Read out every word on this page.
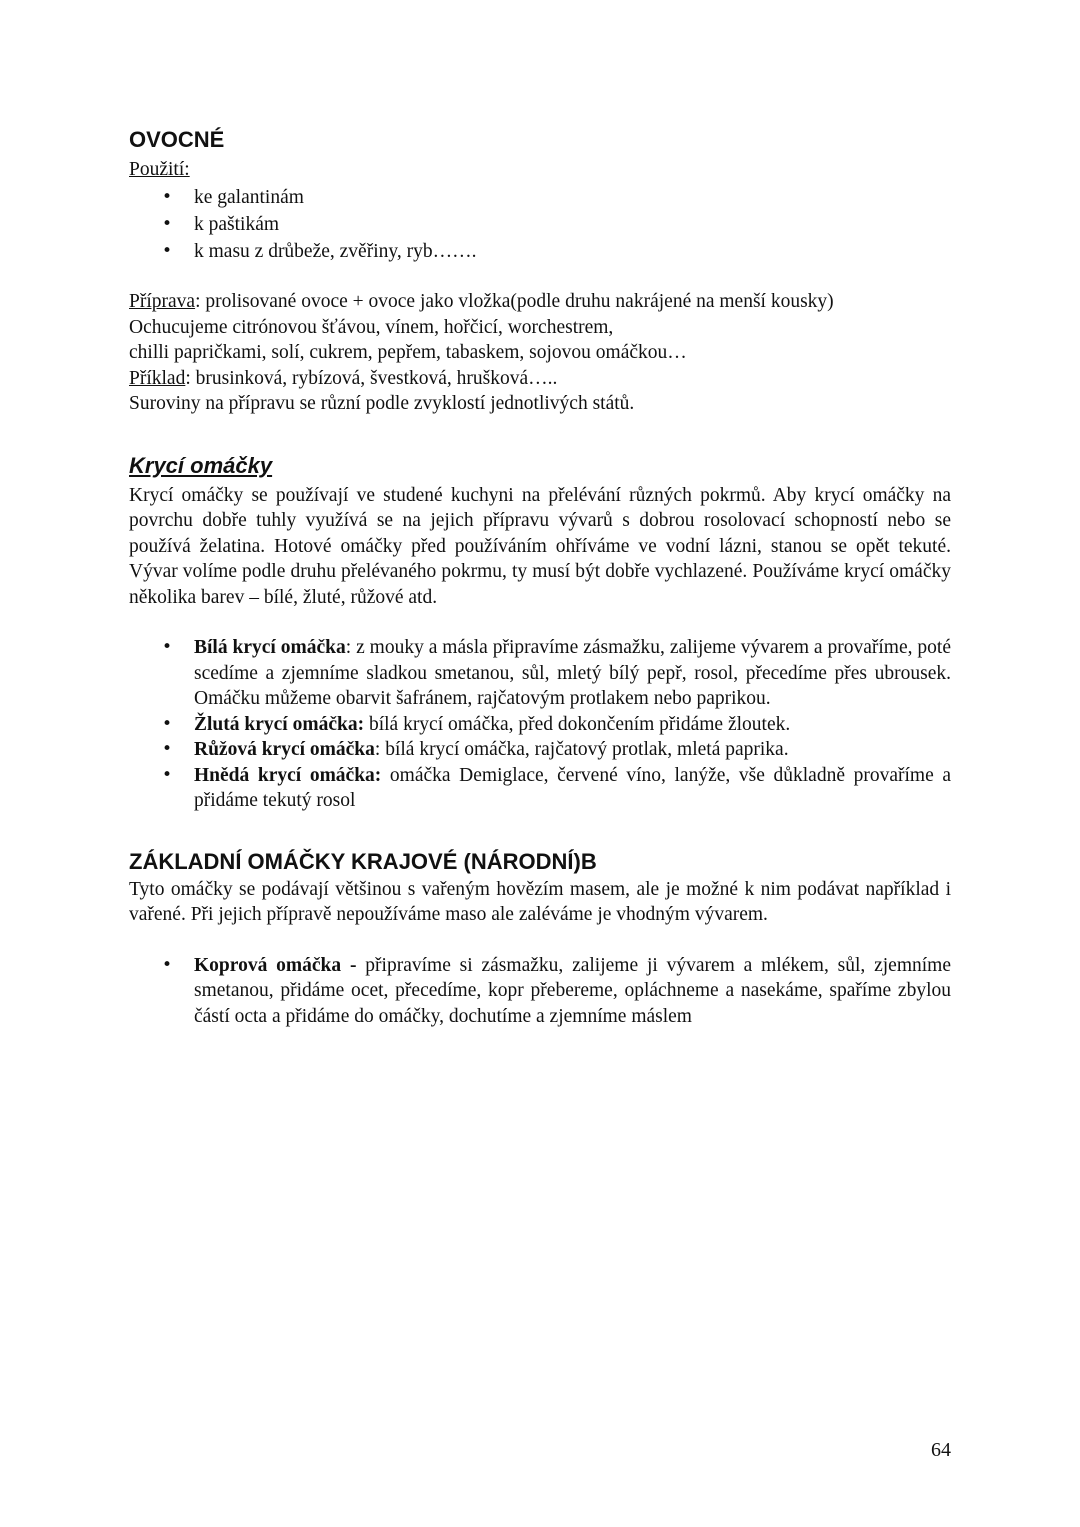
OVOCNÉ

Použití:

• ke galantinám
• k paštikám
• k masu z drůbeže, zvěřiny, ryb…….

Příprava: prolisované ovoce + ovoce jako vložka(podle druhu nakrájené na menší kousky)

Ochucujeme citrónovou šťávou, vínem, hořčicí, worchestrem,

chilli papričkami, solí, cukrem, pepřem, tabaskem, sojovou omáčkou…

Příklad: brusinková, rybízová, švestková, hrušková…..

Suroviny na přípravu se různí podle zvyklostí jednotlivých států.

Krycí omáčky

Krycí omáčky se používají ve studené kuchyni na přelévání různých pokrmů. Aby krycí omáčky na povrchu dobře tuhly využívá se na jejich přípravu vývarů s dobrou rosolovací schopností nebo se používá želatina. Hotové omáčky před používáním ohříváme ve vodní lázni, stanou se opět tekuté. Vývar volíme podle druhu přelévaného pokrmu, ty musí být dobře vychlazené. Používáme krycí omáčky několika barev – bílé, žluté, růžové atd.

• Bílá krycí omáčka: z mouky a másla připravíme zásmažku, zalijeme vývarem a provaříme, poté scedíme a zjemníme sladkou smetanou, sůl, mletý bílý pepř, rosol, přecedíme přes ubrousek. Omáčku můžeme obarvit šafránem, rajčatovým protlakem nebo paprikou.
• Žlutá krycí omáčka: bílá krycí omáčka, před dokončením přidáme žloutek.
• Růžová krycí omáčka: bílá krycí omáčka, rajčatový protlak, mletá paprika.
• Hnědá krycí omáčka: omáčka Demiglace, červené víno, lanýže, vše důkladně provaříme a přidáme tekutý rosol
ZÁKLADNÍ OMÁČKY KRAJOVÉ (NÁRODNÍ)B

Tyto omáčky se podávají většinou s vařeným hovězím masem, ale je možné k nim podávat například i vařené. Při jejich přípravě nepoužíváme maso ale zaléváme je vhodným vývarem.

• Koprová omáčka - připravíme si zásmažku, zalijeme ji vývarem a mlékem, sůl, zjemníme smetanou, přidáme ocet, přecedíme, kopr přebereme, opláchneme a nasekáme, spaříme zbylou částí octa a přidáme do omáčky, dochutíme a zjemníme máslem
64
